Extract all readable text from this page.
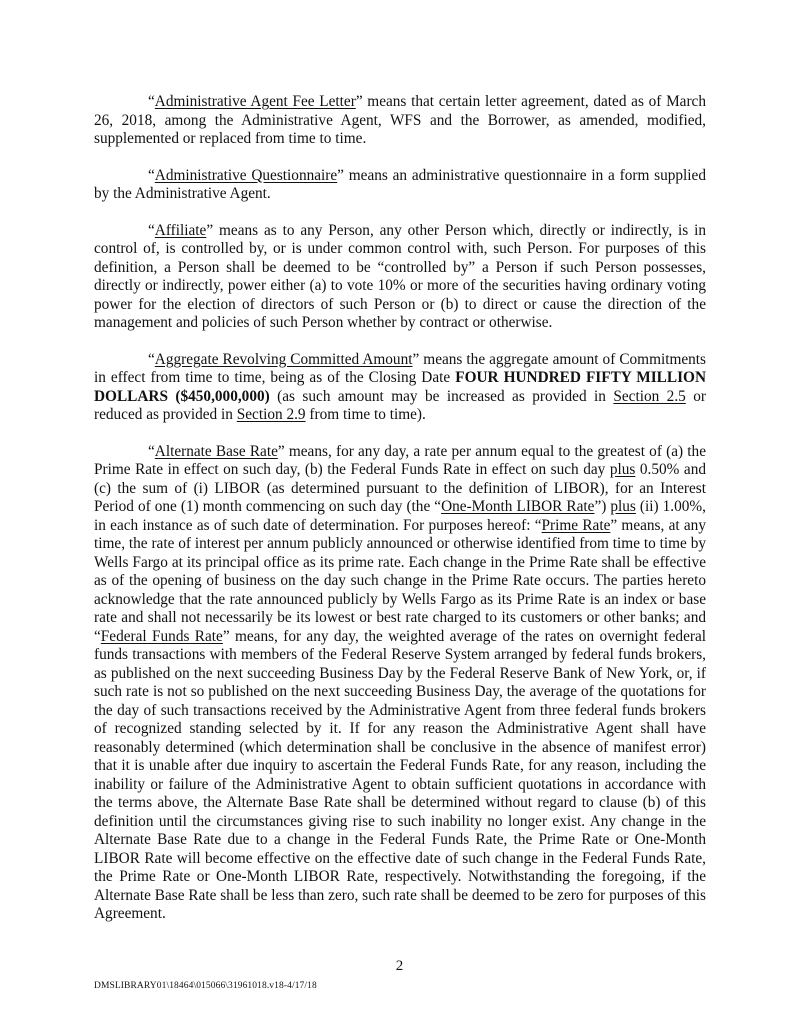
“Administrative Agent Fee Letter” means that certain letter agreement, dated as of March 26, 2018, among the Administrative Agent, WFS and the Borrower, as amended, modified, supplemented or replaced from time to time.

“Administrative Questionnaire” means an administrative questionnaire in a form supplied by the Administrative Agent.

“Affiliate” means as to any Person, any other Person which, directly or indirectly, is in control of, is controlled by, or is under common control with, such Person. For purposes of this definition, a Person shall be deemed to be “controlled by” a Person if such Person possesses, directly or indirectly, power either (a) to vote 10% or more of the securities having ordinary voting power for the election of directors of such Person or (b) to direct or cause the direction of the management and policies of such Person whether by contract or otherwise.

“Aggregate Revolving Committed Amount” means the aggregate amount of Commitments in effect from time to time, being as of the Closing Date FOUR HUNDRED FIFTY MILLION DOLLARS ($450,000,000) (as such amount may be increased as provided in Section 2.5 or reduced as provided in Section 2.9 from time to time).

“Alternate Base Rate” means, for any day, a rate per annum equal to the greatest of (a) the Prime Rate in effect on such day, (b) the Federal Funds Rate in effect on such day plus 0.50% and (c) the sum of (i) LIBOR (as determined pursuant to the definition of LIBOR), for an Interest Period of one (1) month commencing on such day (the “One-Month LIBOR Rate”) plus (ii) 1.00%, in each instance as of such date of determination. For purposes hereof: “Prime Rate” means, at any time, the rate of interest per annum publicly announced or otherwise identified from time to time by Wells Fargo at its principal office as its prime rate. Each change in the Prime Rate shall be effective as of the opening of business on the day such change in the Prime Rate occurs. The parties hereto acknowledge that the rate announced publicly by Wells Fargo as its Prime Rate is an index or base rate and shall not necessarily be its lowest or best rate charged to its customers or other banks; and “Federal Funds Rate” means, for any day, the weighted average of the rates on overnight federal funds transactions with members of the Federal Reserve System arranged by federal funds brokers, as published on the next succeeding Business Day by the Federal Reserve Bank of New York, or, if such rate is not so published on the next succeeding Business Day, the average of the quotations for the day of such transactions received by the Administrative Agent from three federal funds brokers of recognized standing selected by it. If for any reason the Administrative Agent shall have reasonably determined (which determination shall be conclusive in the absence of manifest error) that it is unable after due inquiry to ascertain the Federal Funds Rate, for any reason, including the inability or failure of the Administrative Agent to obtain sufficient quotations in accordance with the terms above, the Alternate Base Rate shall be determined without regard to clause (b) of this definition until the circumstances giving rise to such inability no longer exist. Any change in the Alternate Base Rate due to a change in the Federal Funds Rate, the Prime Rate or One-Month LIBOR Rate will become effective on the effective date of such change in the Federal Funds Rate, the Prime Rate or One-Month LIBOR Rate, respectively. Notwithstanding the foregoing, if the Alternate Base Rate shall be less than zero, such rate shall be deemed to be zero for purposes of this Agreement.

2
DMSLIBRARY01\18464\015066\31961018.v18-4/17/18
